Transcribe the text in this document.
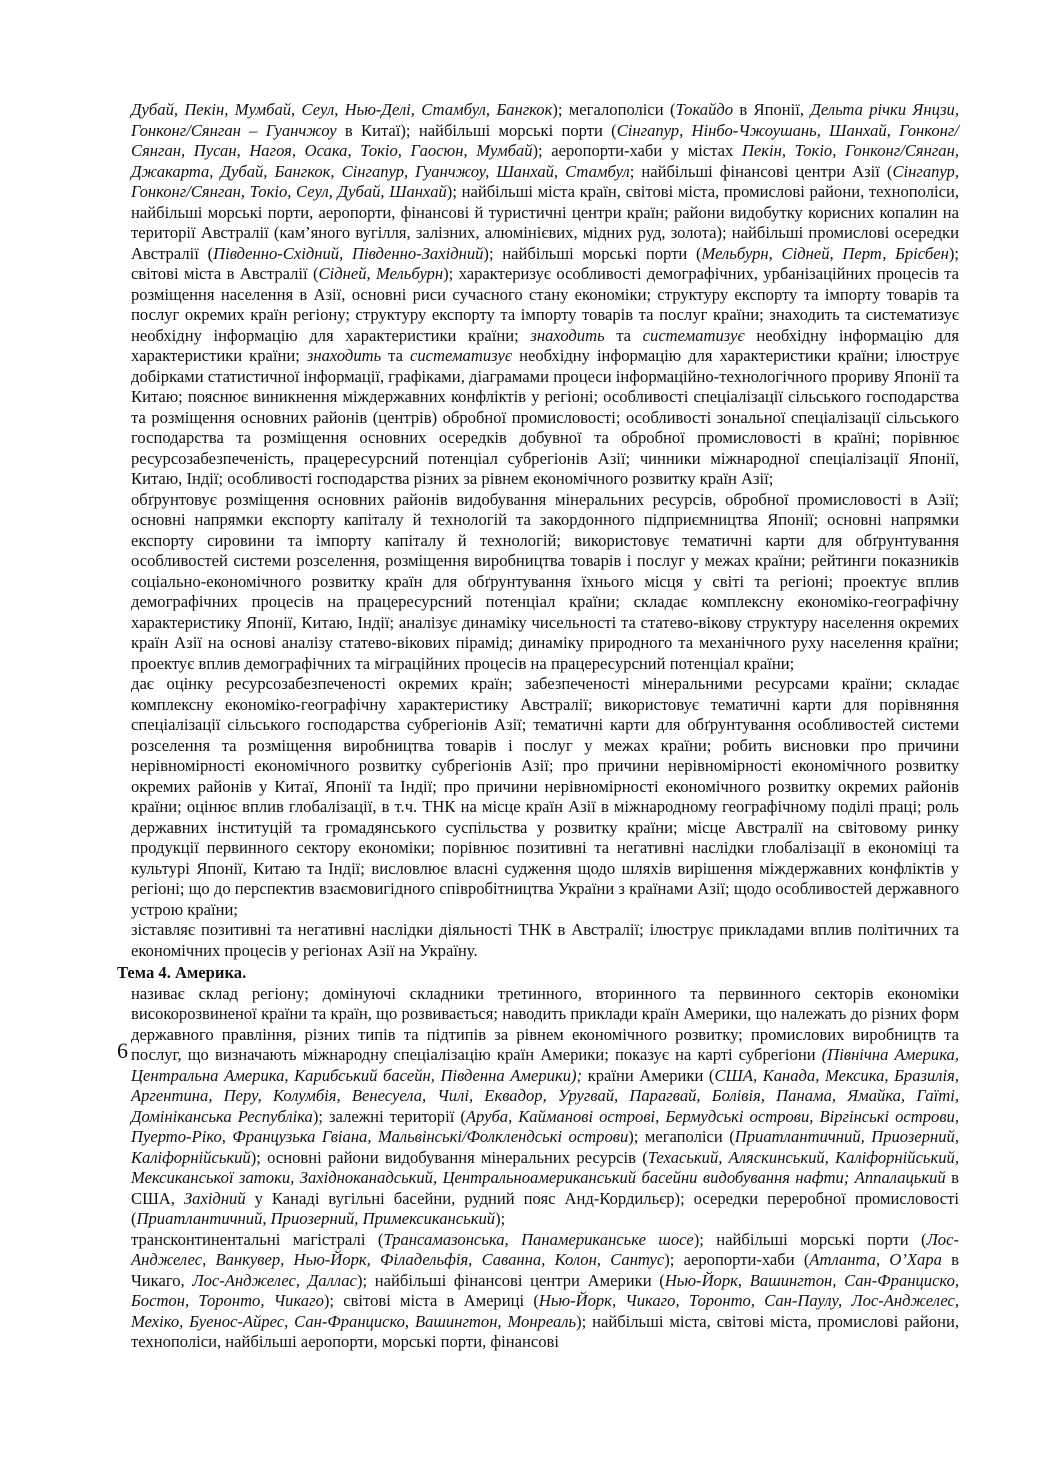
Дубай, Пекін, Мумбай, Сеул, Нью-Делі, Стамбул, Бангкок); мегалополіси (Токайдо в Японії, Дельта річки Янцзи, Гонконг/Сянган – Гуанчжоу в Китаї); найбільші морські порти (Сінгапур, Нінбо-Чжоушань, Шанхай, Гонконг/Сянган, Пусан, Нагоя, Осака, Токіо, Гаосюн, Мумбай); аеропорти-хаби у містах Пекін, Токіо, Гонконг/Сянган, Джакарта, Дубай, Бангкок, Сінгапур, Гуанчжоу, Шанхай, Стамбул; найбільші фінансові центри Азії (Сінгапур, Гонконг/Сянган, Токіо, Сеул, Дубай, Шанхай); найбільші міста країн, світові міста, промислові райони, технополіси, найбільші морські порти, аеропорти, фінансові й туристичні центри країн; райони видобутку корисних копалин на території Австралії (кам’яного вугілля, залізних, алюмінієвих, мідних руд, золота); найбільші промислові осередки Австралії (Південно-Східний, Південно-Західний); найбільші морські порти (Мельбурн, Сідней, Перт, Брісбен); світові міста в Австралії (Сідней, Мельбурн); характеризує особливості демографічних, урбанізаційних процесів та розміщення населення в Азії, основні риси сучасного стану економіки; структуру експорту та імпорту товарів та послуг окремих країн регіону; структуру експорту та імпорту товарів та послуг країни; знаходить та систематизує необхідну інформацію для характеристики країни; знаходить та систематизує необхідну інформацію для характеристики країни; знаходить та систематизує необхідну інформацію для характеристики країни; ілюструє добірками статистичної інформації, графіками, діаграмами процеси інформаційно-технологічного прориву Японії та Китаю; пояснює виникнення міждержавних конфліктів у регіоні; особливості спеціалізації сільського господарства та розміщення основних районів (центрів) обробної промисловості; особливості зональної спеціалізації сільського господарства та розміщення основних осередків добувної та обробної промисловості в країні; порівнює ресурсозабезпеченість, працересурсний потенціал субрегіонів Азії; чинники міжнародної спеціалізації Японії, Китаю, Індії; особливості господарства різних за рівнем економічного розвитку країн Азії;

обґрунтовує розміщення основних районів видобування мінеральних ресурсів, обробної промисловості в Азії; основні напрямки експорту капіталу й технологій та закордонного підприємництва Японії; основні напрямки експорту сировини та імпорту капіталу й технологій; використовує тематичні карти для обґрунтування особливостей системи розселення, розміщення виробництва товарів і послуг у межах країни; рейтинги показників соціально-економічного розвитку країн для обґрунтування їхнього місця у світі та регіоні; проектує вплив демографічних процесів на працересурсний потенціал країни; складає комплексну економіко-географічну характеристику Японії, Китаю, Індії; аналізує динаміку чисельності та статево-вікову структуру населення окремих країн Азії на основі аналізу статево-вікових пірамід; динаміку природного та механічного руху населення країни; проектує вплив демографічних та міграційних процесів на працересурсний потенціал країни;

дає оцінку ресурсозабезпеченості окремих країн; забезпеченості мінеральними ресурсами країни; складає комплексну економіко-географічну характеристику Австралії; використовує тематичні карти для порівняння спеціалізації сільського господарства субрегіонів Азії; тематичні карти для обґрунтування особливостей системи розселення та розміщення виробництва товарів і послуг у межах країни; робить висновки про причини нерівномірності економічного розвитку субрегіонів Азії; про причини нерівномірності економічного розвитку окремих районів у Китаї, Японії та Індії; про причини нерівномірності економічного розвитку окремих районів країни; оцінює вплив глобалізації, в т.ч. ТНК на місце країн Азії в міжнародному географічному поділі праці; роль державних інституцій та громадянського суспільства у розвитку країни; місце Австралії на світовому ринку продукції первинного сектору економіки; порівнює позитивні та негативні наслідки глобалізації в економіці та культурі Японії, Китаю та Індії; висловлює власні судження щодо шляхів вирішення міждержавних конфліктів у регіоні; що до перспектив взаємовигідного співробітництва України з країнами Азії; щодо особливостей державного устрою країни;

зіставляє позитивні та негативні наслідки діяльності ТНК в Австралії; ілюструє прикладами вплив політичних та економічних процесів у регіонах Азії на Україну.

Тема 4. Америка.

називає склад регіону; домінуючі складники третинного, вторинного та первинного секторів економіки високорозвиненої країни та країн, що розвивається; наводить приклади країн Америки, що належать до різних форм державного правління, різних типів та підтипів за рівнем економічного розвитку; промислових виробництв та послуг, що визначають міжнародну спеціалізацію країн Америки; показує на карті субрегіони (Північна Америка, Центральна Америка, Карибський басейн, Південна Америки); країни Америки (США, Канада, Мексика, Бразилія, Аргентина, Перу, Колумбія, Венесуела, Чилі, Еквадор, Уругвай, Парагвай, Болівія, Панама, Ямайка, Гаїті, Домініканська Республіка); залежні території (Аруба, Кайманові острові, Бермудські острови, Віргінські острови, Пуерто-Ріко, Французька Гвіана, Мальвінські/Фолклендські острови); мегаполіси (Приатлантичний, Приозерний, Каліфорнійський); основні райони видобування мінеральних ресурсів (Техаський, Аляскинський, Каліфорнійський, Мексиканської затоки, Західноканадський, Центральноамериканський басейни видобування нафти; Аппалацький в США, Західний у Канаді вугільні басейни, рудний пояс Анд-Кордильєр); осередки переробної промисловості (Приатлантичний, Приозерний, Примексиканський);

трансконтинентальні магістралі (Трансамазонська, Панамериканське шосе); найбільші морські порти (Лос-Анджелес, Ванкувер, Нью-Йорк, Філадельфія, Саванна, Колон, Сантус); аеропорти-хаби (Атланта, О’Хара в Чикаго, Лос-Анджелес, Даллас); найбільші фінансові центри Америки (Нью-Йорк, Вашингтон, Сан-Франциско, Бостон, Торонто, Чикаго); світові міста в Америці (Нью-Йорк, Чикаго, Торонто, Сан-Паулу, Лос-Анджелес, Мехіко, Буенос-Айрес, Сан-Франциско, Вашингтон, Монреаль); найбільші міста, світові міста, промислові райони, технополіси, найбільші аеропорти, морські порти, фінансові

6
